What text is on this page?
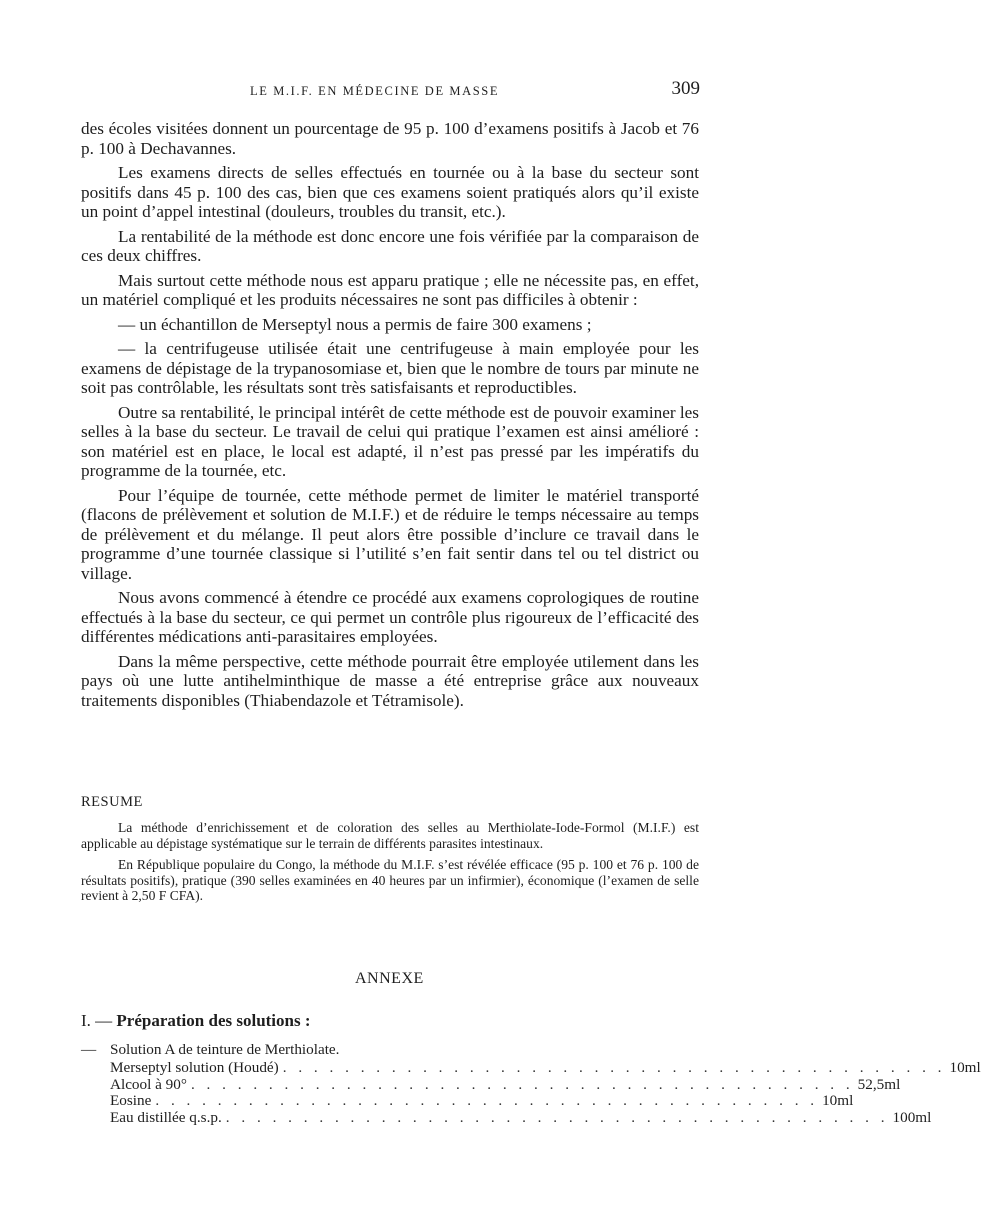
LE M.I.F. EN MÉDECINE DE MASSE	309

des écoles visitées donnent un pourcentage de 95 p. 100 d’examens positifs à Jacob et 76 p. 100 à Dechavannes.

Les examens directs de selles effectués en tournée ou à la base du secteur sont positifs dans 45 p. 100 des cas, bien que ces examens soient pratiqués alors qu’il existe un point d’appel intestinal (douleurs, troubles du transit, etc.).

La rentabilité de la méthode est donc encore une fois vérifiée par la comparaison de ces deux chiffres.

Mais surtout cette méthode nous est apparu pratique ; elle ne nécessite pas, en effet, un matériel compliqué et les produits nécessaires ne sont pas difficiles à obtenir :

— un échantillon de Merseptyl nous a permis de faire 300 examens ;

— la centrifugeuse utilisée était une centrifugeuse à main employée pour les examens de dépistage de la trypanosomiase et, bien que le nombre de tours par minute ne soit pas contrôlable, les résultats sont très satisfaisants et reproductibles.

Outre sa rentabilité, le principal intérêt de cette méthode est de pouvoir examiner les selles à la base du secteur. Le travail de celui qui pratique l’examen est ainsi amélioré : son matériel est en place, le local est adapté, il n’est pas pressé par les impératifs du programme de la tournée, etc.

Pour l’équipe de tournée, cette méthode permet de limiter le matériel transporté (flacons de prélèvement et solution de M.I.F.) et de réduire le temps nécessaire au temps de prélèvement et du mélange. Il peut alors être possible d’inclure ce travail dans le programme d’une tournée classique si l’utilité s’en fait sentir dans tel ou tel district ou village.

Nous avons commencé à étendre ce procédé aux examens coprologiques de routine effectués à la base du secteur, ce qui permet un contrôle plus rigoureux de l’efficacité des différentes médications anti-parasitaires employées.

Dans la même perspective, cette méthode pourrait être employée utilement dans les pays où une lutte antihelminthique de masse a été entreprise grâce aux nouveaux traitements disponibles (Thiabendazole et Tétramisole).

RESUME

La méthode d’enrichissement et de coloration des selles au Merthiolate-Iode-Formol (M.I.F.) est applicable au dépistage systématique sur le terrain de différents parasites intestinaux.

En République populaire du Congo, la méthode du M.I.F. s’est révélée efficace (95 p. 100 et 76 p. 100 de résultats positifs), pratique (390 selles examinées en 40 heures par un infirmier), économique (l’examen de selle revient à 2,50 F CFA).

ANNEXE
I. — Préparation des solutions :
— Solution A de teinture de Merthiolate.
Merseptyl solution (Houdé) . . . . . . . . . . . . . . . . . . . . . . . . . . . . . . . . . . . . . . . . . . . 10 ml
Alcool à 90° . . . . . . . . . . . . . . . . . . . . . . . . . . . . . . . . . . . . . . . . . . . 52,5 ml
Eosine . . . . . . . . . . . . . . . . . . . . . . . . . . . . . . . . . . . . . . . . . . . 10 ml
Eau distillée q.s.p. . . . . . . . . . . . . . . . . . . . . . . . . . . . . . . . . . . . . . . . . . . . 100 ml
